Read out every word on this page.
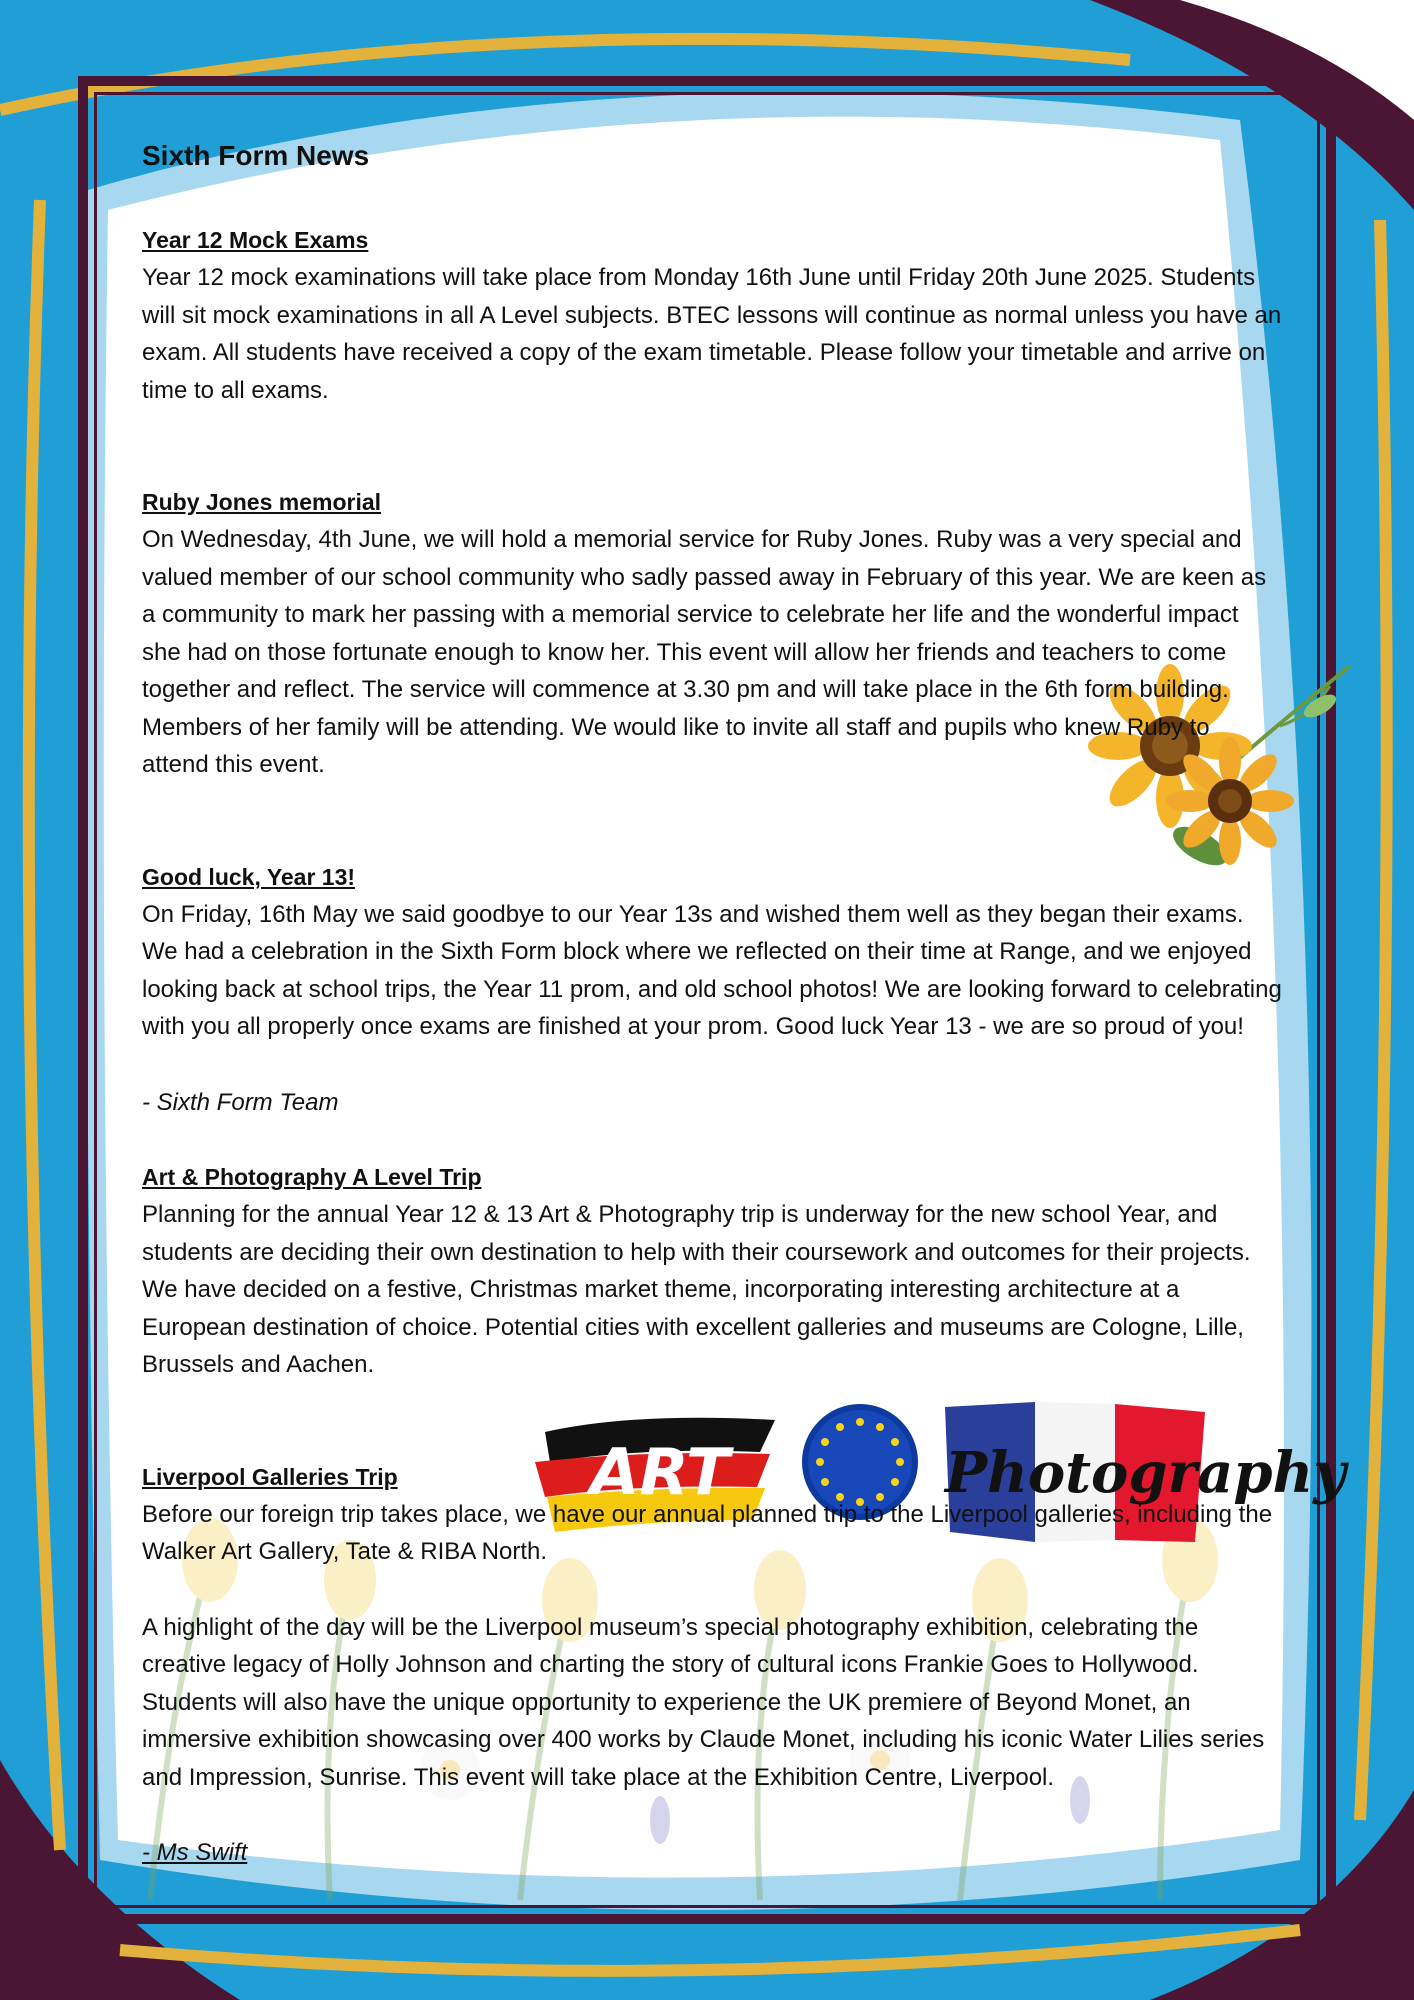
ART	Photography
Sixth Form News
Year 12 Mock Exams

Year 12 mock examinations will take place from Monday 16th June until Friday 20th June 2025. Students will sit mock examinations in all A Level subjects. BTEC lessons will continue as normal unless you have an exam. All students have received a copy of the exam timetable. Please follow your timetable and arrive on time to all exams.

Ruby Jones memorial

On Wednesday, 4th June, we will hold a memorial service for Ruby Jones. Ruby was a very special and valued member of our school community who sadly passed away in February of this year. We are keen as a community to mark her passing with a memorial service to celebrate her life and the wonderful impact she had on those fortunate enough to know her. This event will allow her friends and teachers to come together and reflect. The service will commence at 3.30 pm and will take place in the 6th form building. Members of her family will be attending. We would like to invite all staff and pupils who knew Ruby to attend this event.

Good luck, Year 13!

On Friday, 16th May we said goodbye to our Year 13s and wished them well as they began their exams. We had a celebration in the Sixth Form block where we reflected on their time at Range, and we enjoyed looking back at school trips, the Year 11 prom, and old school photos! We are looking forward to celebrating with you all properly once exams are finished at your prom. Good luck Year 13 - we are so proud of you!

- Sixth Form Team

Art & Photography A Level Trip

Planning for the annual Year 12 & 13 Art & Photography trip is underway for the new school Year, and students are deciding their own destination to help with their coursework and outcomes for their projects. We have decided on a festive, Christmas market theme, incorporating interesting architecture at a European destination of choice. Potential cities with excellent galleries and museums are Cologne, Lille, Brussels and Aachen.

Liverpool Galleries Trip

Before our foreign trip takes place, we have our annual planned trip to the Liverpool galleries, including the Walker Art Gallery, Tate & RIBA North.

A highlight of the day will be the Liverpool museum’s special photography exhibition, celebrating the creative legacy of Holly Johnson and charting the story of cultural icons Frankie Goes to Hollywood. Students will also have the unique opportunity to experience the UK premiere of Beyond Monet, an immersive exhibition showcasing over 400 works by Claude Monet, including his iconic Water Lilies series and Impression, Sunrise. This event will take place at the Exhibition Centre, Liverpool.

- Ms Swift
